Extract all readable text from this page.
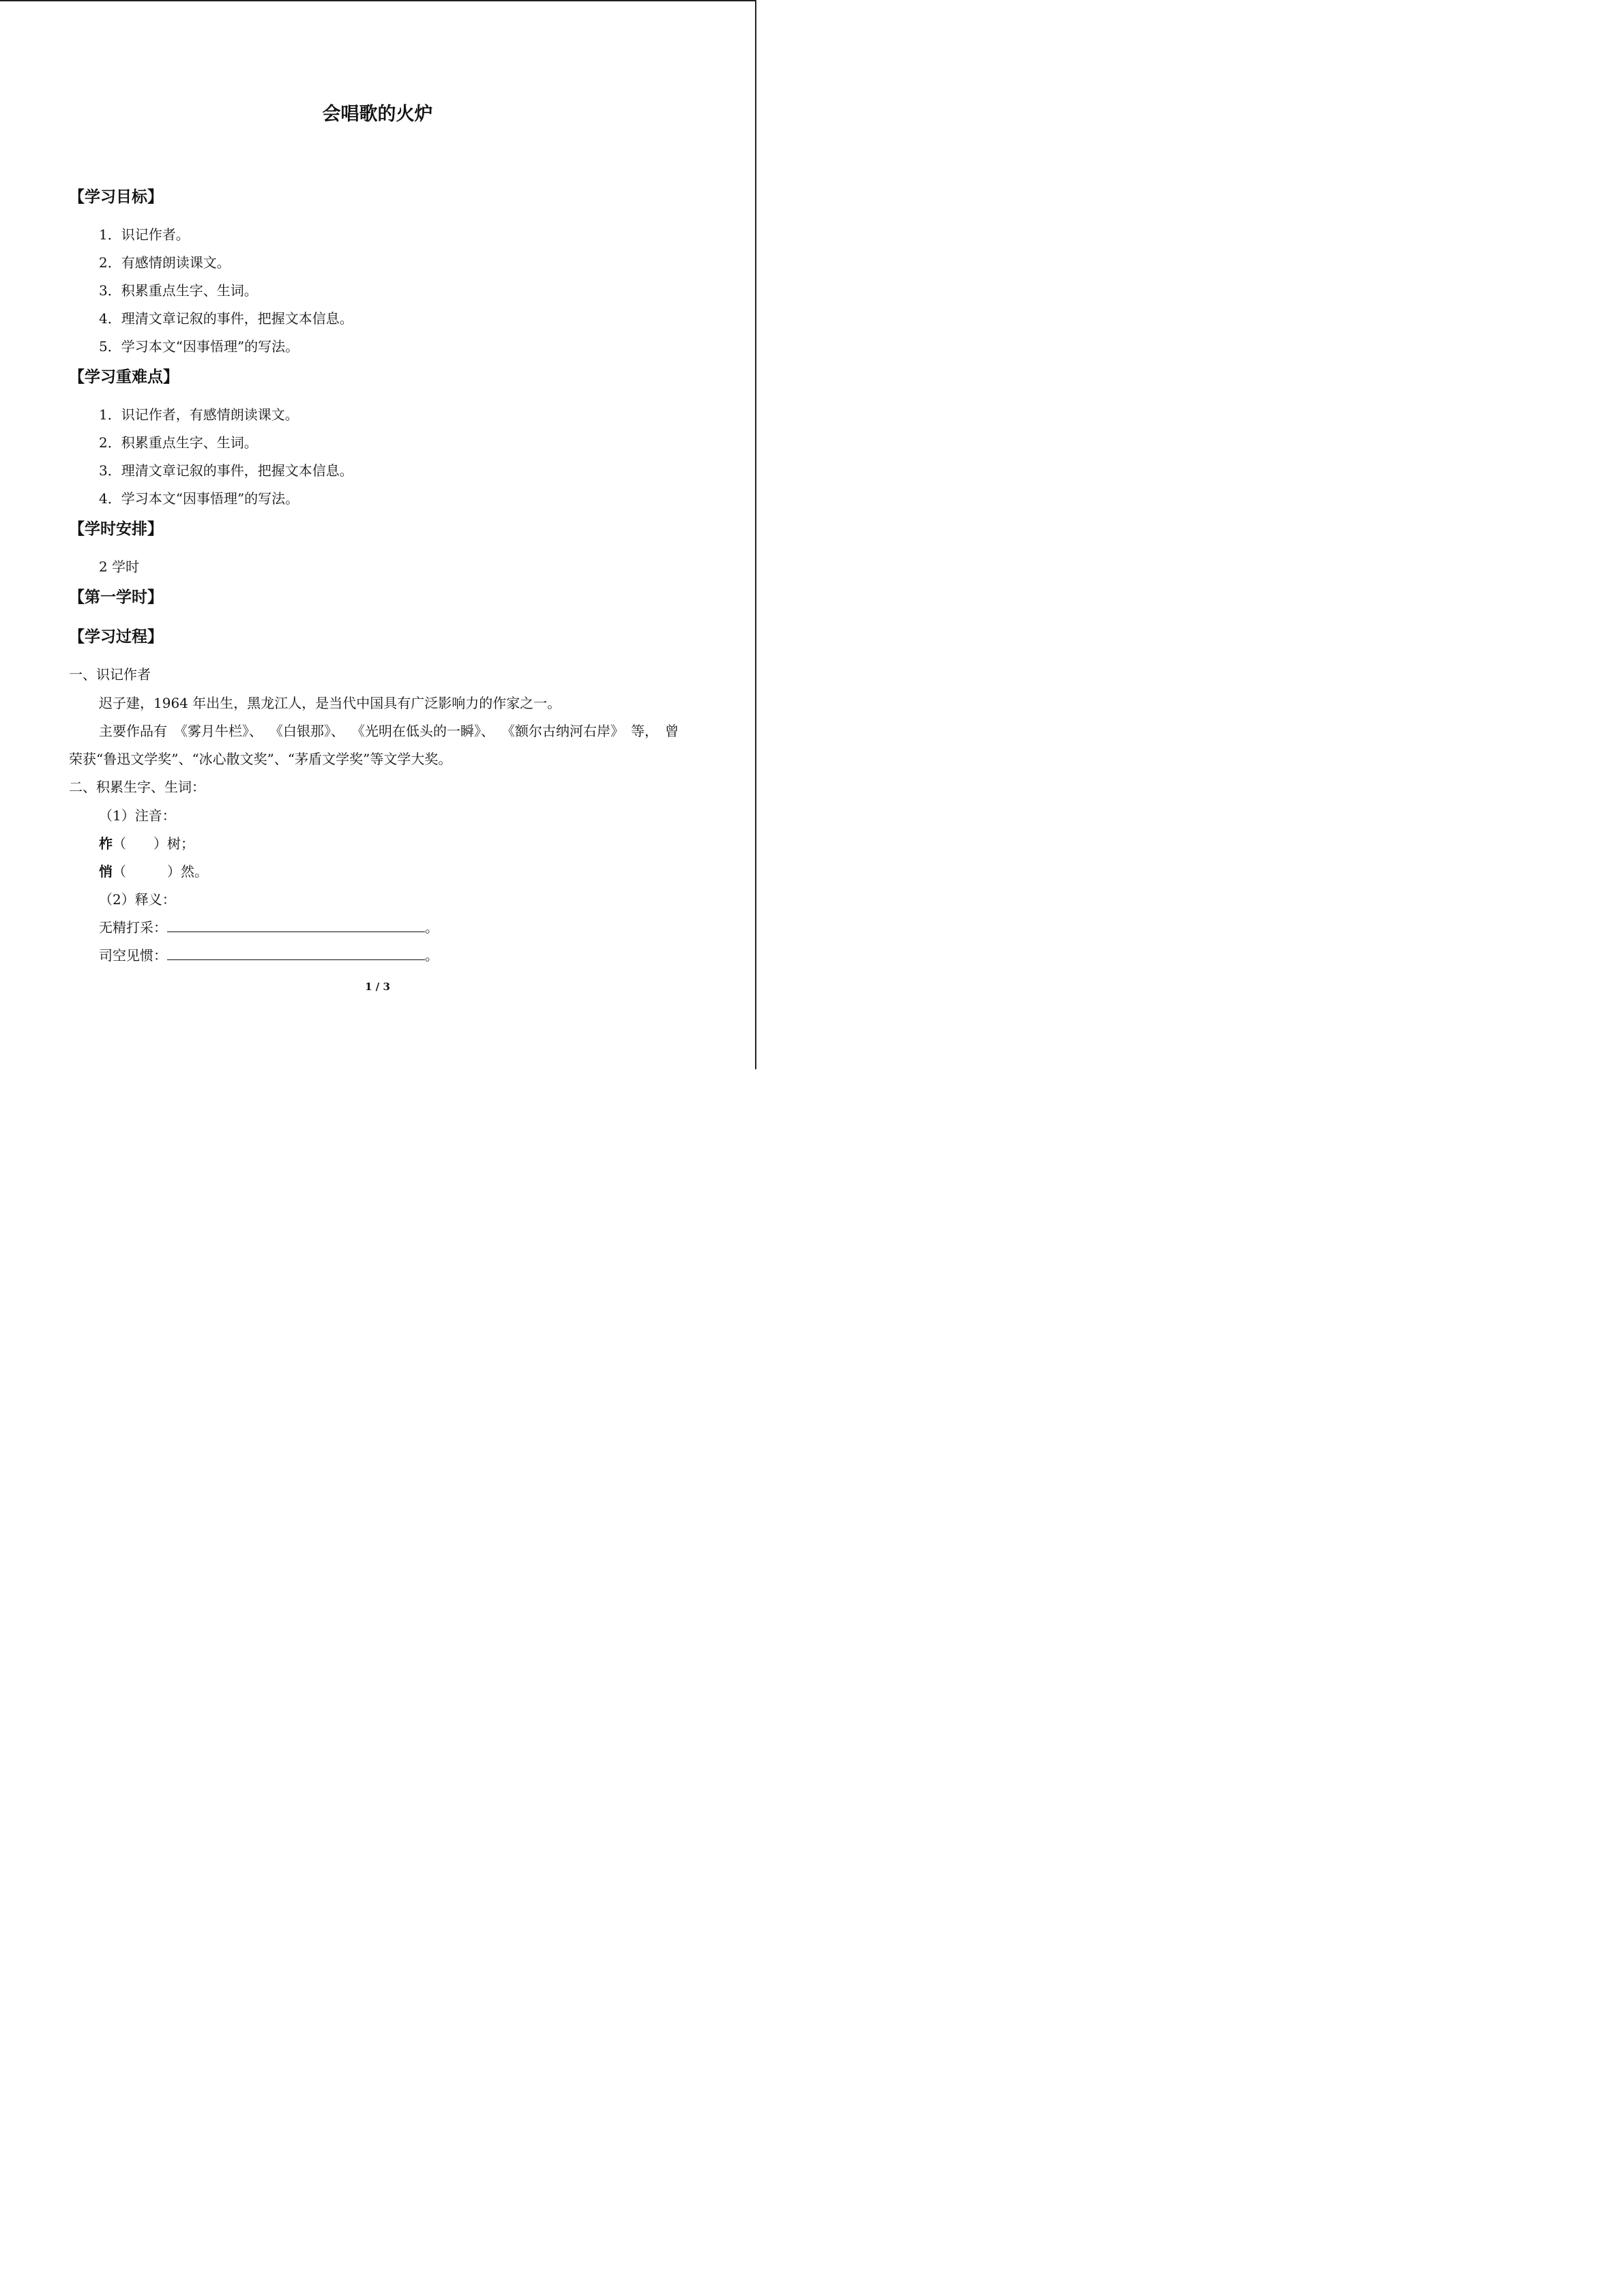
会唱歌的火炉
【学习目标】
1．识记作者。
2．有感情朗读课文。
3．积累重点生字、生词。
4．理清文章记叙的事件，把握文本信息。
5．学习本文“因事悟理”的写法。
【学习重难点】
1．识记作者，有感情朗读课文。
2．积累重点生字、生词。
3．理清文章记叙的事件，把握文本信息。
4．学习本文“因事悟理”的写法。
【学时安排】
2 学时
【第一学时】
【学习过程】
一、识记作者
迟子建，1964 年出生，黑龙江人，是当代中国具有广泛影响力的作家之一。
主要作品有 《雾月牛栏》、 《白银那》、 《光明在低头的一瞬》、 《额尔古纳河右岸》 等， 曾
荣获“鲁迅文学奖”、“冰心散文奖”、“茅盾文学奖”等文学大奖。
二、积累生字、生词：
（1）注音：
柞（　　）树；
悄（　　　）然。
（2）释义：
无精打采：	。
司空见惯：	。
1 / 3
